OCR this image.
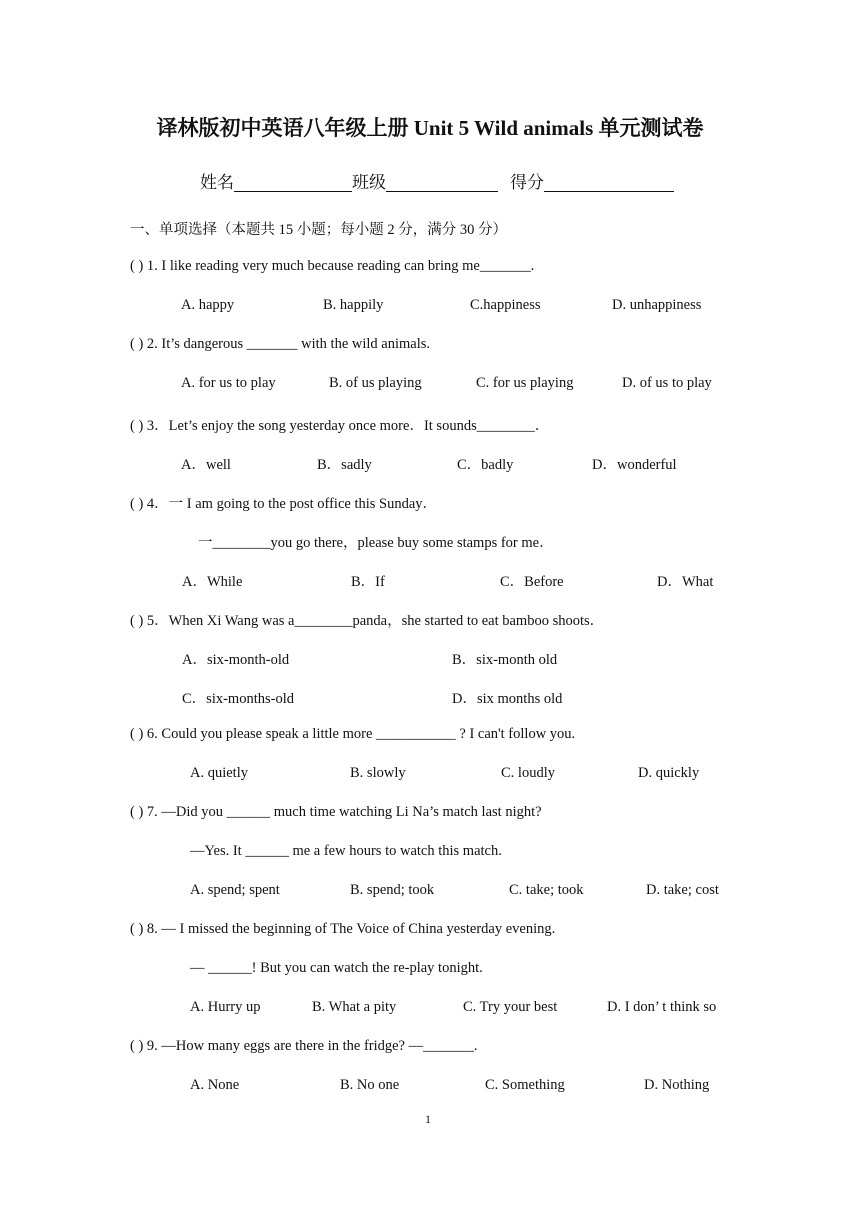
译林版初中英语八年级上册 Unit 5 Wild animals 单元测试卷
姓名	班级	得分
一、单项选择（本题共 15 小题；每小题 2 分，满分 30 分）
( ) 1. I like reading very much because reading can bring me_______.
A. happy	B. happily	C.happiness	D. unhappiness
( ) 2. It’s dangerous _______ with the wild animals.
A. for us to play	B. of us playing	C. for us playing	D. of us to play
( ) 3．Let’s enjoy the song yesterday once more．It sounds________．
A．well	B．sadly	C．badly	D．wonderful
( ) 4．一 I am going to the post office this Sunday．
一________you go there，please buy some stamps for me．
A．While	B．If	C．Before	D．What
( ) 5．When Xi Wang was a________panda，she started to eat bamboo shoots．
A．six-month-old	B．six-month old
C．six-months-old	D．six months old
( ) 6. Could you please speak a little more ___________ ? I can't follow you.
A. quietly	B. slowly	C. loudly	D. quickly
( ) 7. —Did you ______ much time watching Li Na’s match last night?
—Yes. It ______ me a few hours to watch this match.
A. spend; spent	B. spend; took	C. take; took	D. take; cost
( ) 8. — I missed the beginning of The Voice of China yesterday evening.
— ______! But you can watch the re-play tonight.
A. Hurry up	B. What a pity	C. Try your best	D. I don’ t think so
( ) 9. —How many eggs are there in the fridge? —_______.
A. None	B. No one	C. Something	D. Nothing
1
